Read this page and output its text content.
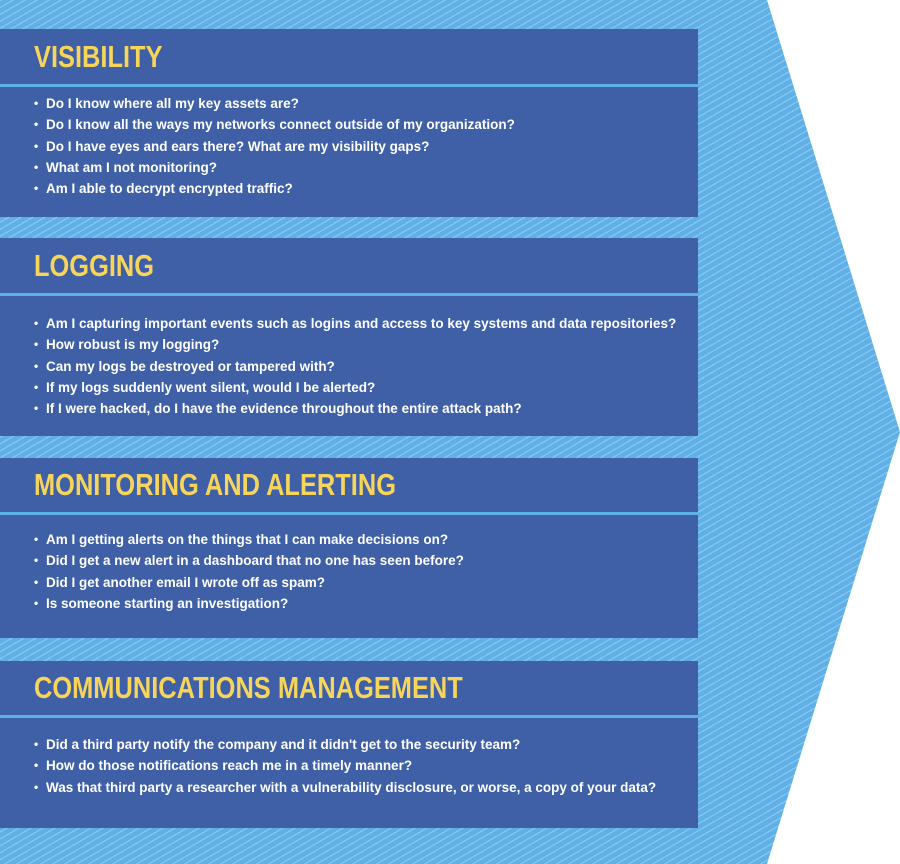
VISIBILITY
• Do I know where all my key assets are?
• Do I know all the ways my networks connect outside of my organization?
• Do I have eyes and ears there? What are my visibility gaps?
• What am I not monitoring?
• Am I able to decrypt encrypted traffic?
LOGGING
• Am I capturing important events such as logins and access to key systems and data repositories?
• How robust is my logging?
• Can my logs be destroyed or tampered with?
• If my logs suddenly went silent, would I be alerted?
• If I were hacked, do I have the evidence throughout the entire attack path?
MONITORING AND ALERTING
• Am I getting alerts on the things that I can make decisions on?
• Did I get a new alert in a dashboard that no one has seen before?
• Did I get another email I wrote off as spam?
• Is someone starting an investigation?
COMMUNICATIONS MANAGEMENT
• Did a third party notify the company and it didn't get to the security team?
• How do those notifications reach me in a timely manner?
• Was that third party a researcher with a vulnerability disclosure, or worse, a copy of your data?
